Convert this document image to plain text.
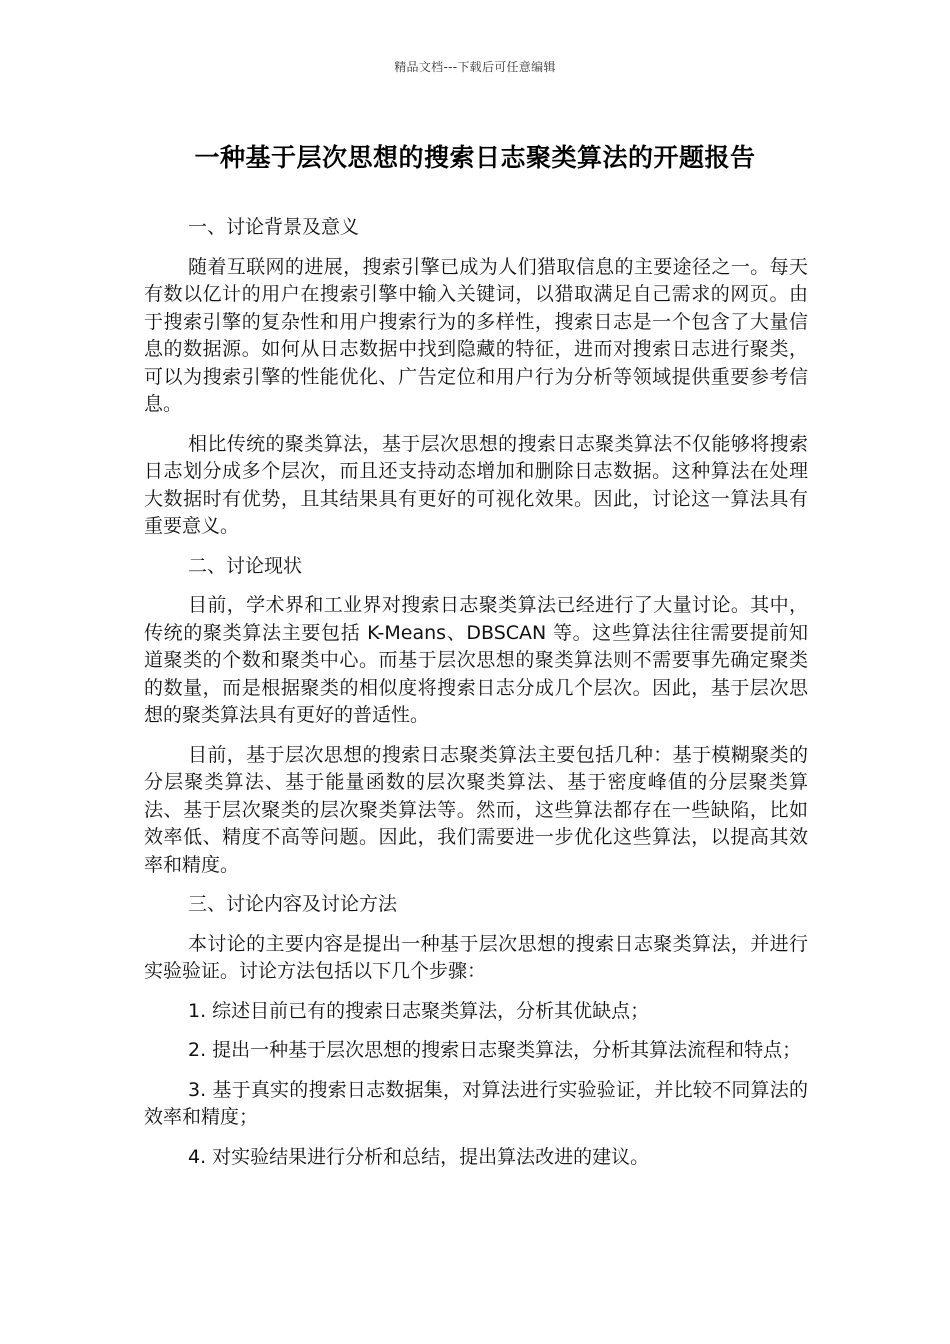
精品文档---下载后可任意编辑
一种基于层次思想的搜索日志聚类算法的开题报告

一、讨论背景及意义

随着互联网的进展，搜索引擎已成为人们猎取信息的主要途径之一。每天有数以亿计的用户在搜索引擎中输入关键词，以猎取满足自己需求的网页。由于搜索引擎的复杂性和用户搜索行为的多样性，搜索日志是一个包含了大量信息的数据源。如何从日志数据中找到隐藏的特征，进而对搜索日志进行聚类，可以为搜索引擎的性能优化、广告定位和用户行为分析等领域提供重要参考信息。

相比传统的聚类算法，基于层次思想的搜索日志聚类算法不仅能够将搜索日志划分成多个层次，而且还支持动态增加和删除日志数据。这种算法在处理大数据时有优势，且其结果具有更好的可视化效果。因此，讨论这一算法具有重要意义。

二、讨论现状

目前，学术界和工业界对搜索日志聚类算法已经进行了大量讨论。其中，传统的聚类算法主要包括 K-Means、DBSCAN 等。这些算法往往需要提前知道聚类的个数和聚类中心。而基于层次思想的聚类算法则不需要事先确定聚类的数量，而是根据聚类的相似度将搜索日志分成几个层次。因此，基于层次思想的聚类算法具有更好的普适性。

目前，基于层次思想的搜索日志聚类算法主要包括几种：基于模糊聚类的分层聚类算法、基于能量函数的层次聚类算法、基于密度峰值的分层聚类算法、基于层次聚类的层次聚类算法等。然而，这些算法都存在一些缺陷，比如效率低、精度不高等问题。因此，我们需要进一步优化这些算法，以提高其效率和精度。

三、讨论内容及讨论方法

本讨论的主要内容是提出一种基于层次思想的搜索日志聚类算法，并进行实验验证。讨论方法包括以下几个步骤：

1. 综述目前已有的搜索日志聚类算法，分析其优缺点；

2. 提出一种基于层次思想的搜索日志聚类算法，分析其算法流程和特点；

3. 基于真实的搜索日志数据集，对算法进行实验验证，并比较不同算法的效率和精度；

4. 对实验结果进行分析和总结，提出算法改进的建议。
